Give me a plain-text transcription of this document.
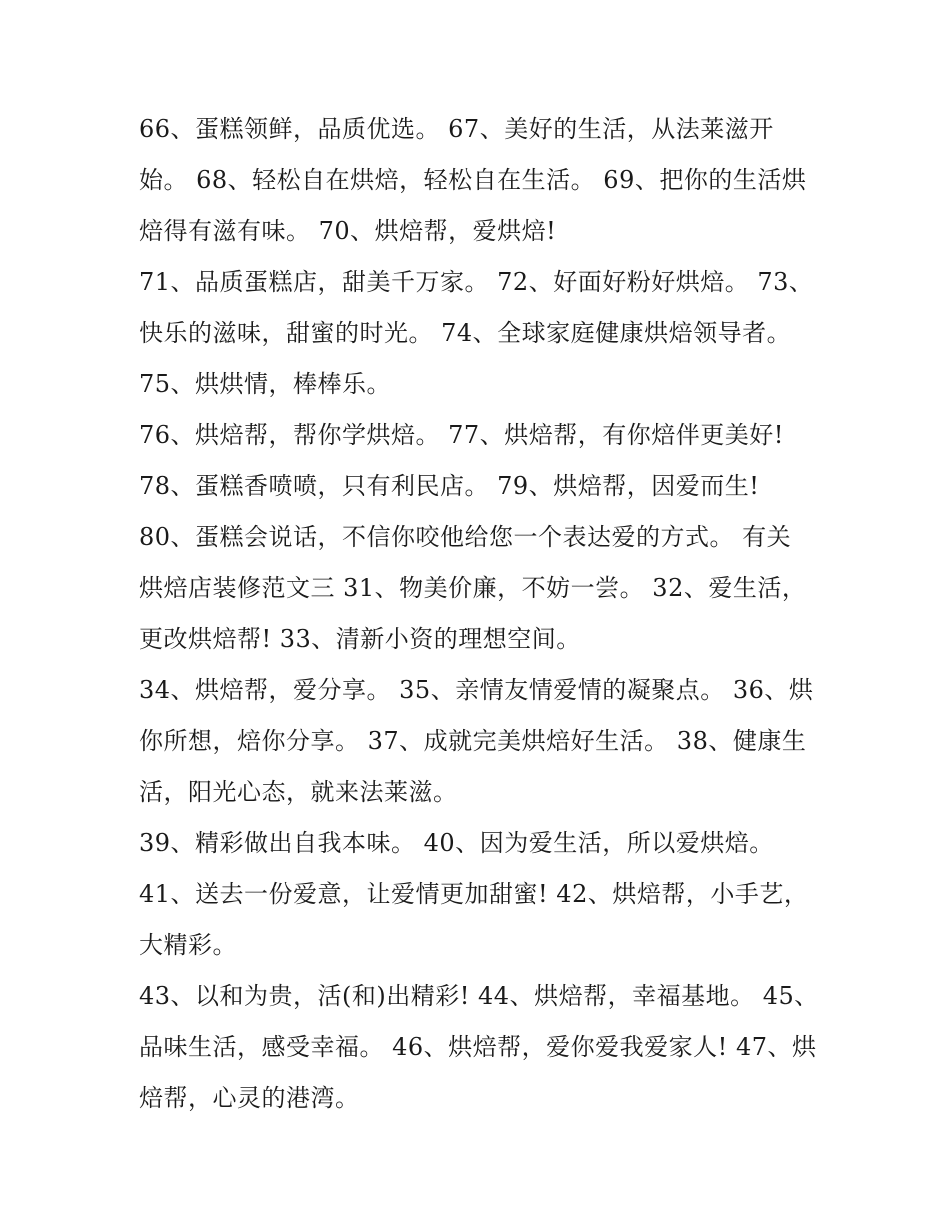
66、蛋糕领鲜，品质优选。 67、美好的生活，从法莱滋开
始。 68、轻松自在烘焙，轻松自在生活。 69、把你的生活烘
焙得有滋有味。 70、烘焙帮，爱烘焙!

71、品质蛋糕店，甜美千万家。 72、好面好粉好烘焙。 73、
快乐的滋味，甜蜜的时光。 74、全球家庭健康烘焙领导者。
75、烘烘情，棒棒乐。

76、烘焙帮，帮你学烘焙。 77、烘焙帮，有你焙伴更美好!

78、蛋糕香喷喷，只有利民店。 79、烘焙帮，因爱而生!

80、蛋糕会说话，不信你咬他给您一个表达爱的方式。 有关
烘焙店装修范文三 31、物美价廉，不妨一尝。 32、爱生活，
更改烘焙帮! 33、清新小资的理想空间。

34、烘焙帮，爱分享。 35、亲情友情爱情的凝聚点。 36、烘
你所想，焙你分享。 37、成就完美烘焙好生活。 38、健康生
活，阳光心态，就来法莱滋。

39、精彩做出自我本味。 40、因为爱生活，所以爱烘焙。

41、送去一份爱意，让爱情更加甜蜜! 42、烘焙帮，小手艺，
大精彩。

43、以和为贵，活(和)出精彩! 44、烘焙帮，幸福基地。 45、
品味生活，感受幸福。 46、烘焙帮，爱你爱我爱家人! 47、烘
焙帮，心灵的港湾。
